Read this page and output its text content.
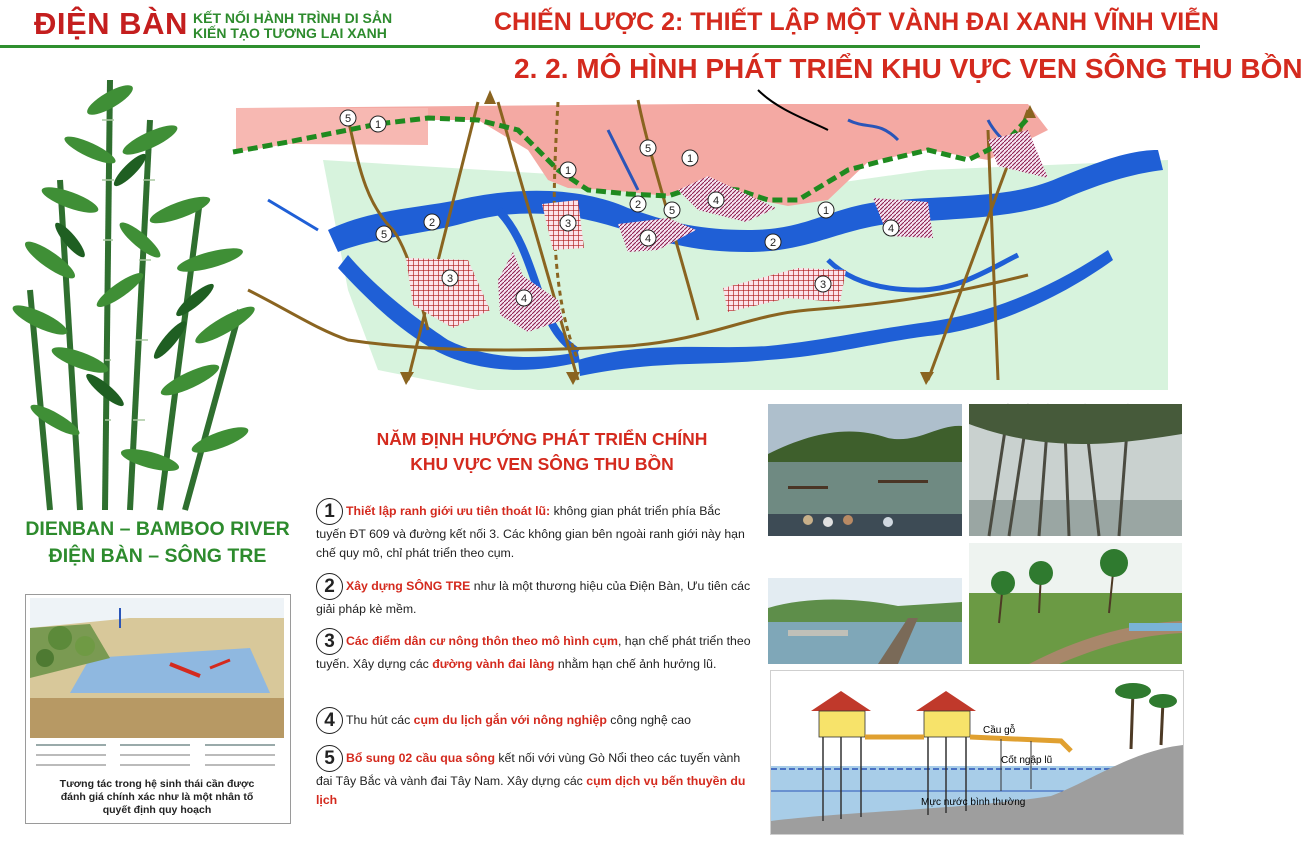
ĐIỆN BÀN KẾT NỐI HÀNH TRÌNH DI SẢN
KIẾN TẠO TƯƠNG LAI XANH	CHIẾN LƯỢC 2: THIẾT LẬP MỘT VÀNH ĐAI XANH VĨNH VIỄN
2. 2. MÔ HÌNH PHÁT TRIỂN KHU VỰC VEN SÔNG THU BỒN
5 1
1
5
1
1
2
2	5
2
5
3
3
3
4
4
4
4
DIENBAN – BAMBOO RIVER
ĐIỆN BÀN – SÔNG TRE
Tương tác trong hệ sinh thái cần được
đánh giá chính xác như là một nhân tố
quyết định quy hoạch
NĂM ĐỊNH HƯỚNG PHÁT TRIỂN CHÍNH
KHU VỰC VEN SÔNG THU BỒN
1 Thiết lập ranh giới ưu tiên thoát lũ: không gian phát triển phía Bắc tuyến ĐT 609 và đường kết nối 3. Các không gian bên ngoài ranh giới này hạn chế quy mô, chỉ phát triển theo cụm.
2 Xây dựng SÔNG TRE như là một thương hiệu của Điện Bàn, Ưu tiên các giải pháp kè mềm.
3 Các điểm dân cư nông thôn theo mô hình cụm, hạn chế phát triển theo tuyến. Xây dựng các đường vành đai làng nhằm hạn chế ảnh hưởng lũ.
4 Thu hút các cụm du lịch gắn với nông nghiệp công nghệ cao
5 Bổ sung 02 cầu qua sông kết nối với vùng Gò Nổi theo các tuyến vành đai Tây Bắc và vành đai Tây Nam. Xây dựng các cụm dịch vụ bến thuyền du lịch
Cầu gỗ
Cốt ngập lũ
Mực nước bình thường
